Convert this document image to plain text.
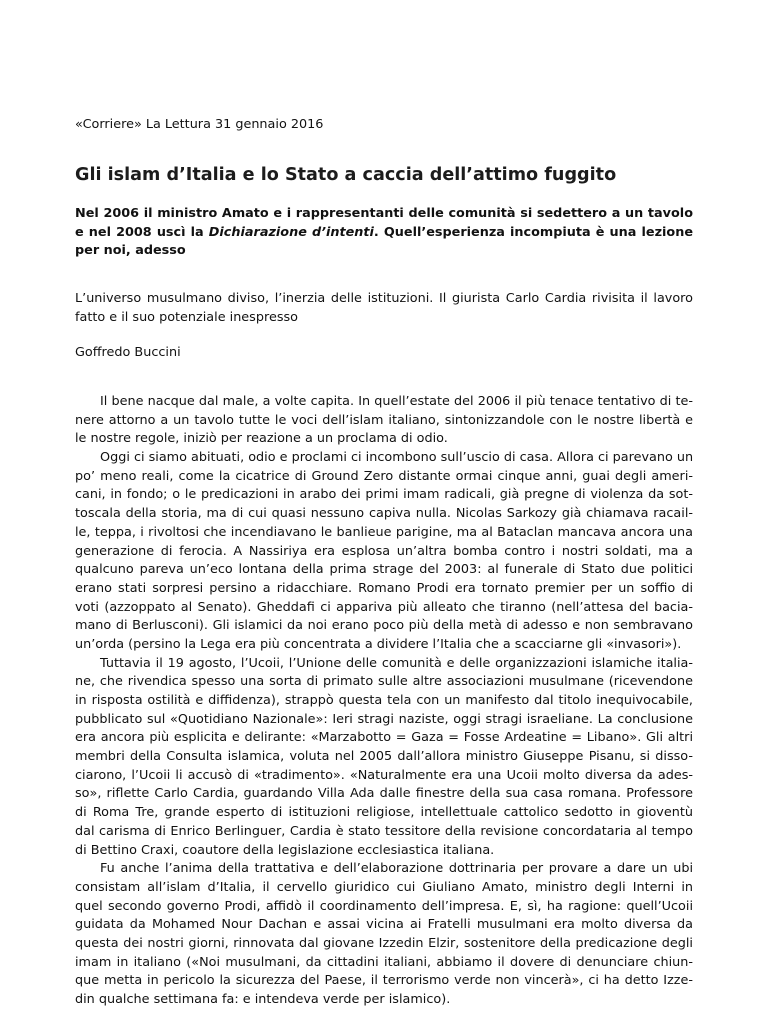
«Corriere» La Lettura 31 gennaio 2016
Gli islam d’Italia e lo Stato a caccia dell’attimo fuggito

Nel 2006 il ministro Amato e i rappresentanti delle comunità si sedettero a un tavolo e nel 2008 uscì la Dichiarazione d’intenti. Quell’esperienza incompiuta è una lezione per noi, adesso

L’universo musulmano diviso, l’inerzia delle istituzioni. Il giurista Carlo Cardia rivisita il lavoro fatto e il suo potenziale inespresso

Goffredo Buccini
Il bene nacque dal male, a volte capita. In quell’estate del 2006 il più tenace tentativo di te-
nere attorno a un tavolo tutte le voci dell’islam italiano, sintonizzandole con le nostre libertà e
le nostre regole, iniziò per reazione a un proclama di odio.
Oggi ci siamo abituati, odio e proclami ci incombono sull’uscio di casa. Allora ci parevano un
po’ meno reali, come la cicatrice di Ground Zero distante ormai cinque anni, guai degli ameri-
cani, in fondo; o le predicazioni in arabo dei primi imam radicali, già pregne di violenza da sot-
toscala della storia, ma di cui quasi nessuno capiva nulla. Nicolas Sarkozy già chiamava racail-
le, teppa, i rivoltosi che incendiavano le banlieue parigine, ma al Bataclan mancava ancora una
generazione di ferocia. A Nassiriya era esplosa un’altra bomba contro i nostri soldati, ma a
qualcuno pareva un’eco lontana della prima strage del 2003: al funerale di Stato due politici
erano stati sorpresi persino a ridacchiare. Romano Prodi era tornato premier per un soffio di
voti (azzoppato al Senato). Gheddafi ci appariva più alleato che tiranno (nell’attesa del bacia-
mano di Berlusconi). Gli islamici da noi erano poco più della metà di adesso e non sembravano
un’orda (persino la Lega era più concentrata a dividere l’Italia che a scacciarne gli «invasori»).
Tuttavia il 19 agosto, l’Ucoii, l’Unione delle comunità e delle organizzazioni islamiche italia-
ne, che rivendica spesso una sorta di primato sulle altre associazioni musulmane (ricevendone
in risposta ostilità e diffidenza), strappò questa tela con un manifesto dal titolo inequivocabile,
pubblicato sul «Quotidiano Nazionale»: Ieri stragi naziste, oggi stragi israeliane. La conclusione
era ancora più esplicita e delirante: «Marzabotto = Gaza = Fosse Ardeatine = Libano». Gli altri
membri della Consulta islamica, voluta nel 2005 dall’allora ministro Giuseppe Pisanu, si disso-
ciarono, l’Ucoii li accusò di «tradimento». «Naturalmente era una Ucoii molto diversa da ades-
so», riflette Carlo Cardia, guardando Villa Ada dalle finestre della sua casa romana. Professore
di Roma Tre, grande esperto di istituzioni religiose, intellettuale cattolico sedotto in gioventù
dal carisma di Enrico Berlinguer, Cardia è stato tessitore della revisione concordataria al tempo
di Bettino Craxi, coautore della legislazione ecclesiastica italiana.
Fu anche l’anima della trattativa e dell’elaborazione dottrinaria per provare a dare un ubi
consistam all’islam d’Italia, il cervello giuridico cui Giuliano Amato, ministro degli Interni in
quel secondo governo Prodi, affidò il coordinamento dell’impresa. E, sì, ha ragione: quell’Ucoii
guidata da Mohamed Nour Dachan e assai vicina ai Fratelli musulmani era molto diversa da
questa dei nostri giorni, rinnovata dal giovane Izzedin Elzir, sostenitore della predicazione degli
imam in italiano («Noi musulmani, da cittadini italiani, abbiamo il dovere di denunciare chiun-
que metta in pericolo la sicurezza del Paese, il terrorismo verde non vincerà», ci ha detto Izze-
din qualche settimana fa: e intendeva verde per islamico).
